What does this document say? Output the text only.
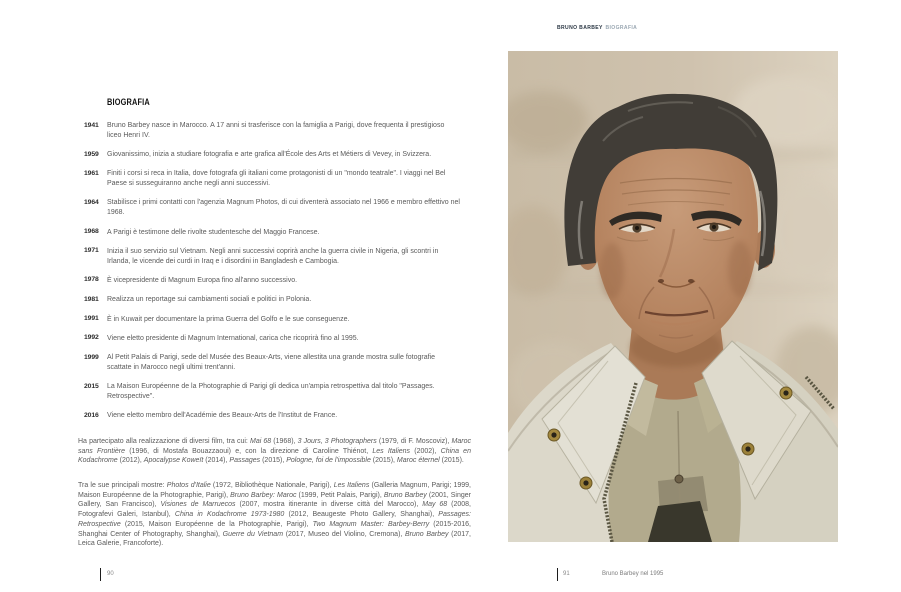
BRUNO BARBEY BIOGRAFIA
BIOGRAFIA
1941 Bruno Barbey nasce in Marocco. A 17 anni si trasferisce con la famiglia a Parigi, dove frequenta il prestigioso liceo Henri IV.

1959 Giovanissimo, inizia a studiare fotografia e arte grafica all'École des Arts et Métiers di Vevey, in Svizzera.

1961 Finiti i corsi si reca in Italia, dove fotografa gli italiani come protagonisti di un "mondo teatrale". I viaggi nel Bel Paese si susseguiranno anche negli anni successivi.

1964 Stabilisce i primi contatti con l'agenzia Magnum Photos, di cui diventerà associato nel 1966 e membro effettivo nel 1968.

1968 A Parigi è testimone delle rivolte studentesche del Maggio Francese.

1971 Inizia il suo servizio sul Vietnam. Negli anni successivi coprirà anche la guerra civile in Nigeria, gli scontri in Irlanda, le vicende dei curdi in Iraq e i disordini in Bangladesh e Cambogia.

1978 È vicepresidente di Magnum Europa fino all'anno successivo.

1981 Realizza un reportage sui cambiamenti sociali e politici in Polonia.

1991 È in Kuwait per documentare la prima Guerra del Golfo e le sue conseguenze.

1992 Viene eletto presidente di Magnum International, carica che ricoprirà fino al 1995.

1999 Al Petit Palais di Parigi, sede del Musée des Beaux-Arts, viene allestita una grande mostra sulle fotografie scattate in Marocco negli ultimi trent'anni.

2015 La Maison Européenne de la Photographie di Parigi gli dedica un'ampia retrospettiva dal titolo "Passages. Retrospective".

2016 Viene eletto membro dell'Académie des Beaux-Arts de l'Institut de France.

Ha partecipato alla realizzazione di diversi film, tra cui: Mai 68 (1968), 3 Jours, 3 Photographers (1979, di F. Moscoviz), Maroc sans Frontière (1996, di Mostafa Bouazzaoui) e, con la direzione di Caroline Thiénot, Les Italiens (2002), China en Kodachrome (2012), Apocalypse Koweït (2014), Passages (2015), Pologne, foi de l'impossible (2015), Maroc éternel (2015).

Tra le sue principali mostre: Photos d'Italie (1972, Bibliothèque Nationale, Parigi), Les Italiens (Galleria Magnum, Parigi; 1999, Maison Européenne de la Photographie, Parigi), Bruno Barbey: Maroc (1999, Petit Palais, Parigi), Bruno Barbey (2001, Singer Gallery, San Francisco), Visiones de Marruecos (2007, mostra itinerante in diverse città del Marocco), May 68 (2008, Fotografevi Galeri, Istanbul), China in Kodachrome 1973-1980 (2012, Beaugeste Photo Gallery, Shanghai), Passages: Retrospective (2015, Maison Européenne de la Photographie, Parigi), Two Magnum Master: Barbey-Berry (2015-2016, Shanghai Center of Photography, Shanghai), Guerre du Vietnam (2017, Museo del Violino, Cremona), Bruno Barbey (2017, Leica Galerie, Francoforte).

90	91	Bruno Barbey nel 1995
